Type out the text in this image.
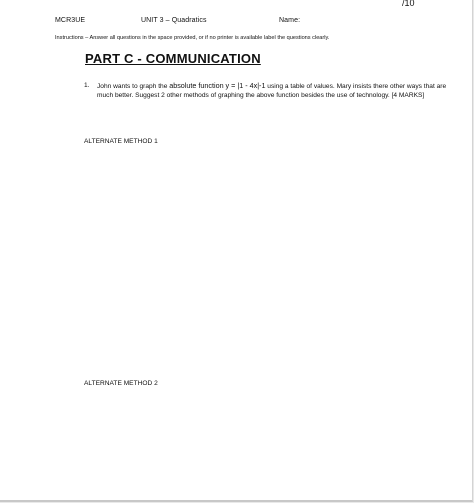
/10
MCR3UE	UNIT 3 – Quadratics	Name:
Instructions – Answer all questions in the space provided, or if no printer is available label the questions clearly.
PART C - COMMUNICATION
1. John wants to graph the absolute function y = |1 - 4x|-1 using a table of values. Mary insists there other ways that are much better. Suggest 2 other methods of graphing the above function besides the use of technology. [4 MARKS]
ALTERNATE METHOD 1
ALTERNATE METHOD 2
